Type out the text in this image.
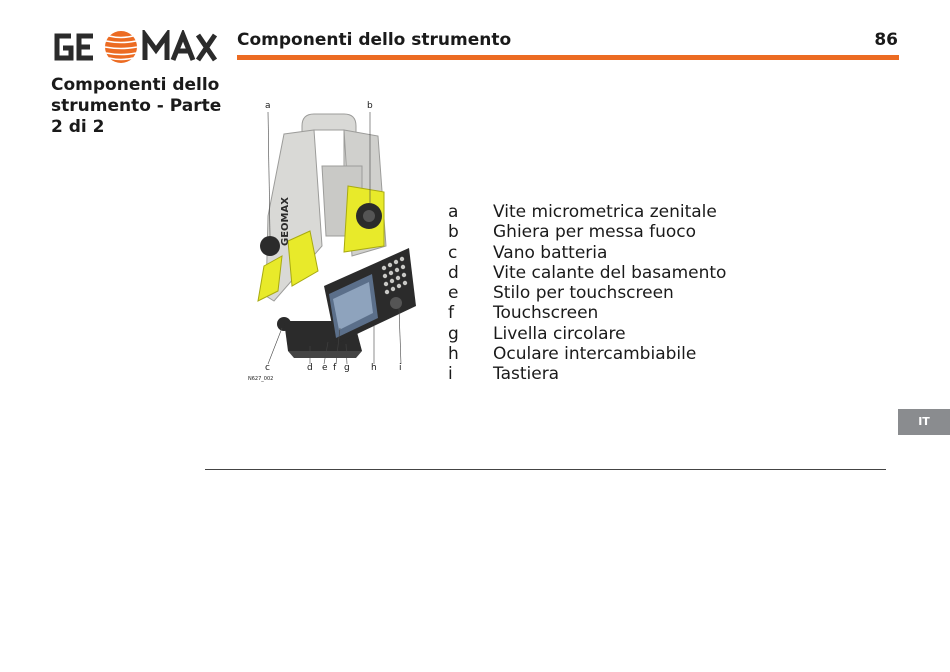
Componenti dello strumento	86
Componenti dello strumento - Parte 2 di 2
GEOMAX
a	b
c	d e f g h i
N627_002
a	Vite micrometrica zenitale
b	Ghiera per messa fuoco
c	Vano batteria
d	Vite calante del basamento
e	Stilo per touchscreen
f	Touchscreen
g	Livella circolare
h	Oculare intercambiabile
i	Tastiera
IT
